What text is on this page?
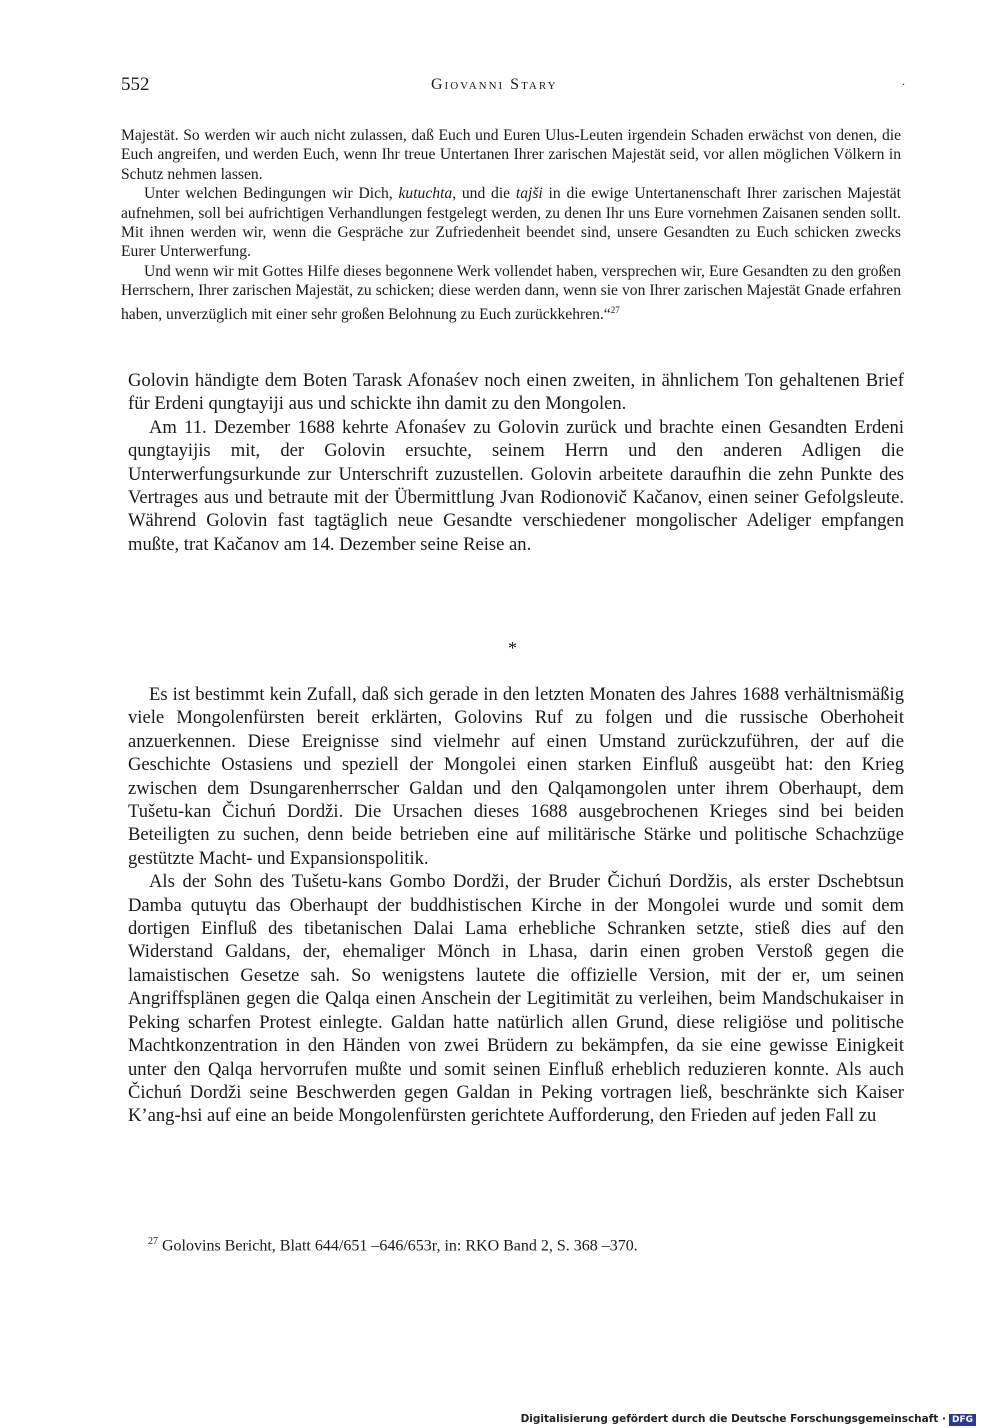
552	Giovanni Stary	.

Majestät. So werden wir auch nicht zulassen, daß Euch und Euren Ulus-Leuten irgendein Schaden erwächst von denen, die Euch angreifen, und werden Euch, wenn Ihr treue Untertanen Ihrer zarischen Majestät seid, vor allen möglichen Völkern in Schutz nehmen lassen.

Unter welchen Bedingungen wir Dich, kutuchta, und die tajši in die ewige Untertanenschaft Ihrer zarischen Majestät aufnehmen, soll bei aufrichtigen Verhandlungen festgelegt werden, zu denen Ihr uns Eure vornehmen Zaisanen senden sollt. Mit ihnen werden wir, wenn die Gespräche zur Zufriedenheit beendet sind, unsere Gesandten zu Euch schicken zwecks Eurer Unterwerfung.

Und wenn wir mit Gottes Hilfe dieses begonnene Werk vollendet haben, versprechen wir, Eure Gesandten zu den großen Herrschern, Ihrer zarischen Majestät, zu schicken; diese werden dann, wenn sie von Ihrer zarischen Majestät Gnade erfahren haben, unverzüglich mit einer sehr großen Belohnung zu Euch zurückkehren.“$^{27}$

Golovin händigte dem Boten Tarask Afonaśev noch einen zweiten, in ähnlichem Ton gehaltenen Brief für Erdeni qungtayiji aus und schickte ihn damit zu den Mongolen.

Am 11. Dezember 1688 kehrte Afonaśev zu Golovin zurück und brachte einen Gesandten Erdeni qungtayijis mit, der Golovin ersuchte, seinem Herrn und den anderen Adligen die Unterwerfungsurkunde zur Unterschrift zuzustellen. Golovin arbeitete daraufhin die zehn Punkte des Vertrages aus und betraute mit der Übermittlung Jvan Rodionovič Kačanov, einen seiner Gefolgsleute. Während Golovin fast tagtäglich neue Gesandte verschiedener mongolischer Adeliger empfangen mußte, trat Kačanov am 14. Dezember seine Reise an.

*

Es ist bestimmt kein Zufall, daß sich gerade in den letzten Monaten des Jahres 1688 verhältnismäßig viele Mongolenfürsten bereit erklärten, Golovins Ruf zu folgen und die russische Oberhoheit anzuerkennen. Diese Ereignisse sind vielmehr auf einen Umstand zurückzuführen, der auf die Geschichte Ostasiens und speziell der Mongolei einen starken Einfluß ausgeübt hat: den Krieg zwischen dem Dsungarenherrscher Galdan und den Qalqamongolen unter ihrem Oberhaupt, dem Tušetu-kan Čichuń Dordži. Die Ursachen dieses 1688 ausgebrochenen Krieges sind bei beiden Beteiligten zu suchen, denn beide betrieben eine auf militärische Stärke und politische Schachzüge gestützte Macht- und Expansionspolitik.

Als der Sohn des Tušetu-kans Gombo Dordži, der Bruder Čichuń Dordžis, als erster Dschebtsun Damba qutuγtu das Oberhaupt der buddhistischen Kirche in der Mongolei wurde und somit dem dortigen Einfluß des tibetanischen Dalai Lama erhebliche Schranken setzte, stieß dies auf den Widerstand Galdans, der, ehemaliger Mönch in Lhasa, darin einen groben Verstoß gegen die lamaistischen Gesetze sah. So wenigstens lautete die offizielle Version, mit der er, um seinen Angriffsplänen gegen die Qalqa einen Anschein der Legitimität zu verleihen, beim Mandschukaiser in Peking scharfen Protest einlegte. Galdan hatte natürlich allen Grund, diese religiöse und politische Machtkonzentration in den Händen von zwei Brüdern zu bekämpfen, da sie eine gewisse Einigkeit unter den Qalqa hervorrufen mußte und somit seinen Einfluß erheblich reduzieren konnte. Als auch Čichuń Dordži seine Beschwerden gegen Galdan in Peking vortragen ließ, beschränkte sich Kaiser K’ang-hsi auf eine an beide Mongolenfürsten gerichtete Aufforderung, den Frieden auf jeden Fall zu

$^{27}$ Golovins Bericht, Blatt 644/651 –646/653r, in: RKO Band 2, S. 368 –370.
Digitalisierung gefördert durch die Deutsche Forschungsgemeinschaft · DFG
